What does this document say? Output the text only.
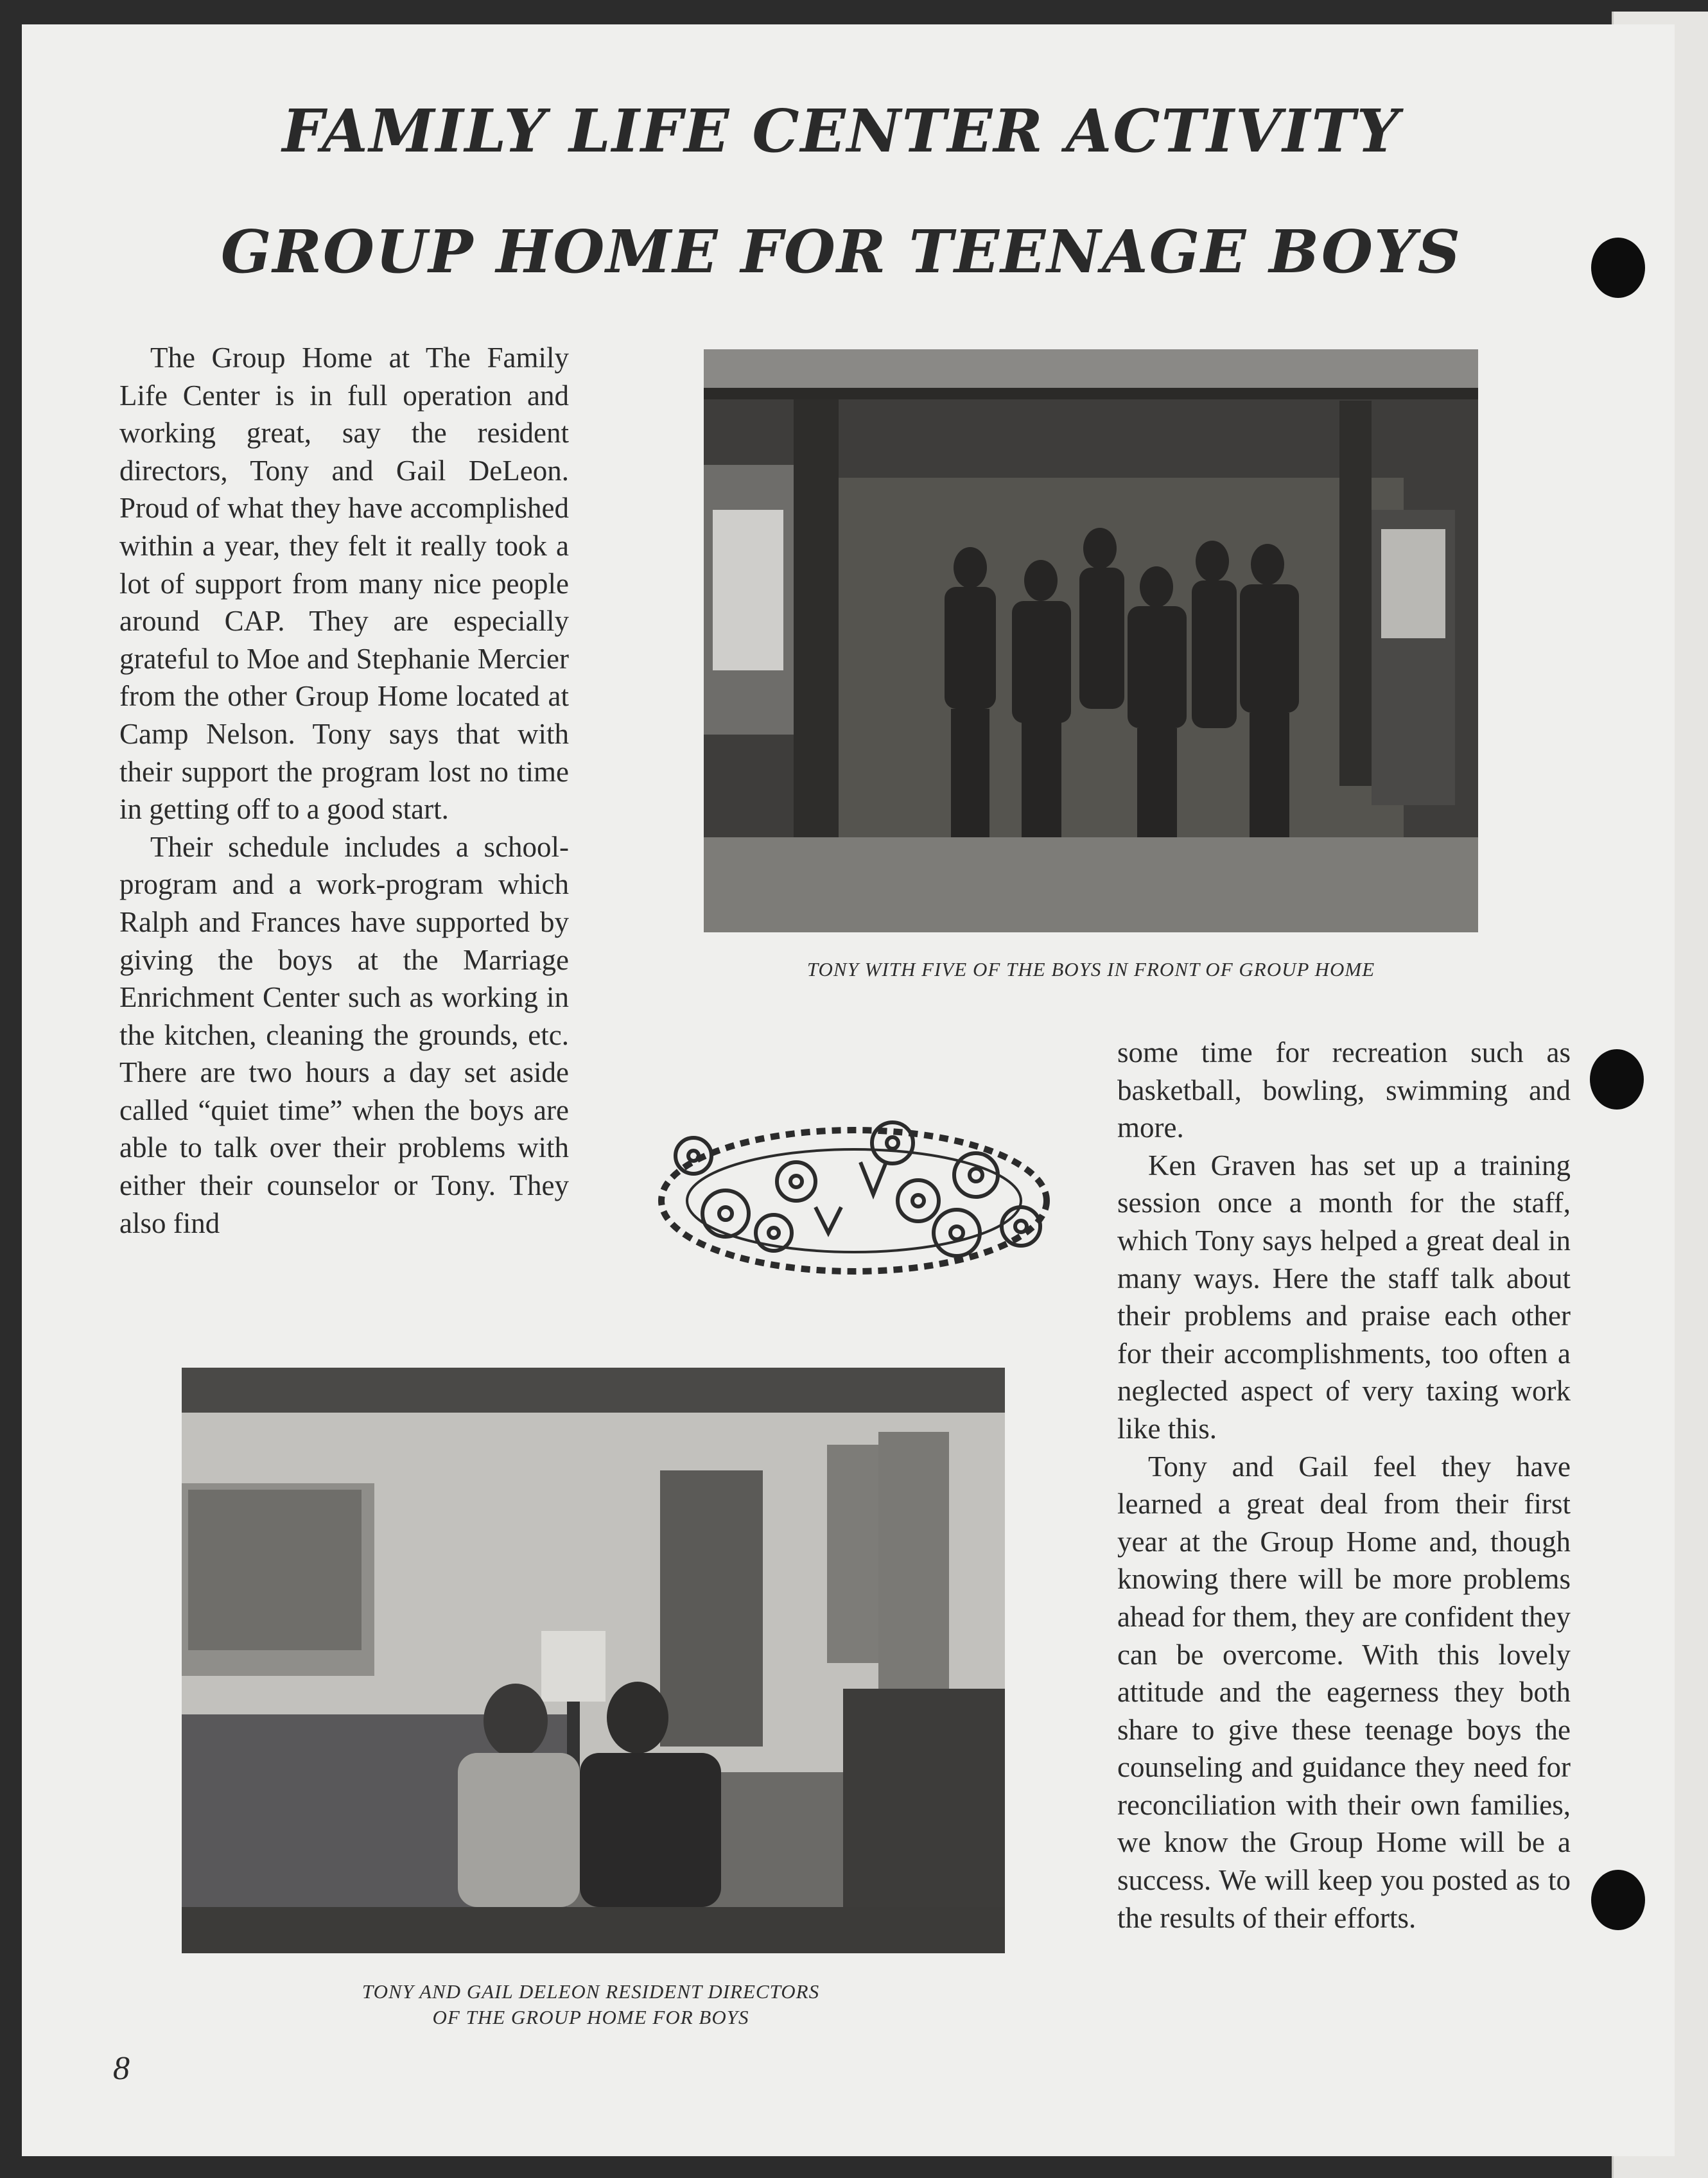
FAMILY LIFE CENTER ACTIVITY
GROUP HOME FOR TEENAGE BOYS

The Group Home at The Family Life Center is in full operation and working great, say the resident directors, Tony and Gail DeLeon. Proud of what they have accomplished within a year, they felt it really took a lot of support from many nice people around CAP. They are especially grateful to Moe and Stephanie Mercier from the other Group Home located at Camp Nelson. Tony says that with their support the program lost no time in getting off to a good start.

Their schedule includes a school-program and a work-program which Ralph and Frances have supported by giving the boys at the Marriage Enrichment Center such as working in the kitchen, cleaning the grounds, etc. There are two hours a day set aside called “quiet time” when the boys are able to talk over their problems with either their counselor or Tony. They also find

TONY WITH FIVE OF THE BOYS IN FRONT OF GROUP HOME
TONY AND GAIL DELEON RESIDENT DIRECTORS
OF THE GROUP HOME FOR BOYS

some time for recreation such as basketball, bowling, swimming and more.

Ken Graven has set up a training session once a month for the staff, which Tony says helped a great deal in many ways. Here the staff talk about their problems and praise each other for their accomplishments, too often a neglected aspect of very taxing work like this.

Tony and Gail feel they have learned a great deal from their first year at the Group Home and, though knowing there will be more problems ahead for them, they are confident they can be overcome. With this lovely attitude and the eagerness they both share to give these teenage boys the counseling and guidance they need for reconciliation with their own families, we know the Group Home will be a success. We will keep you posted as to the results of their efforts.

8
